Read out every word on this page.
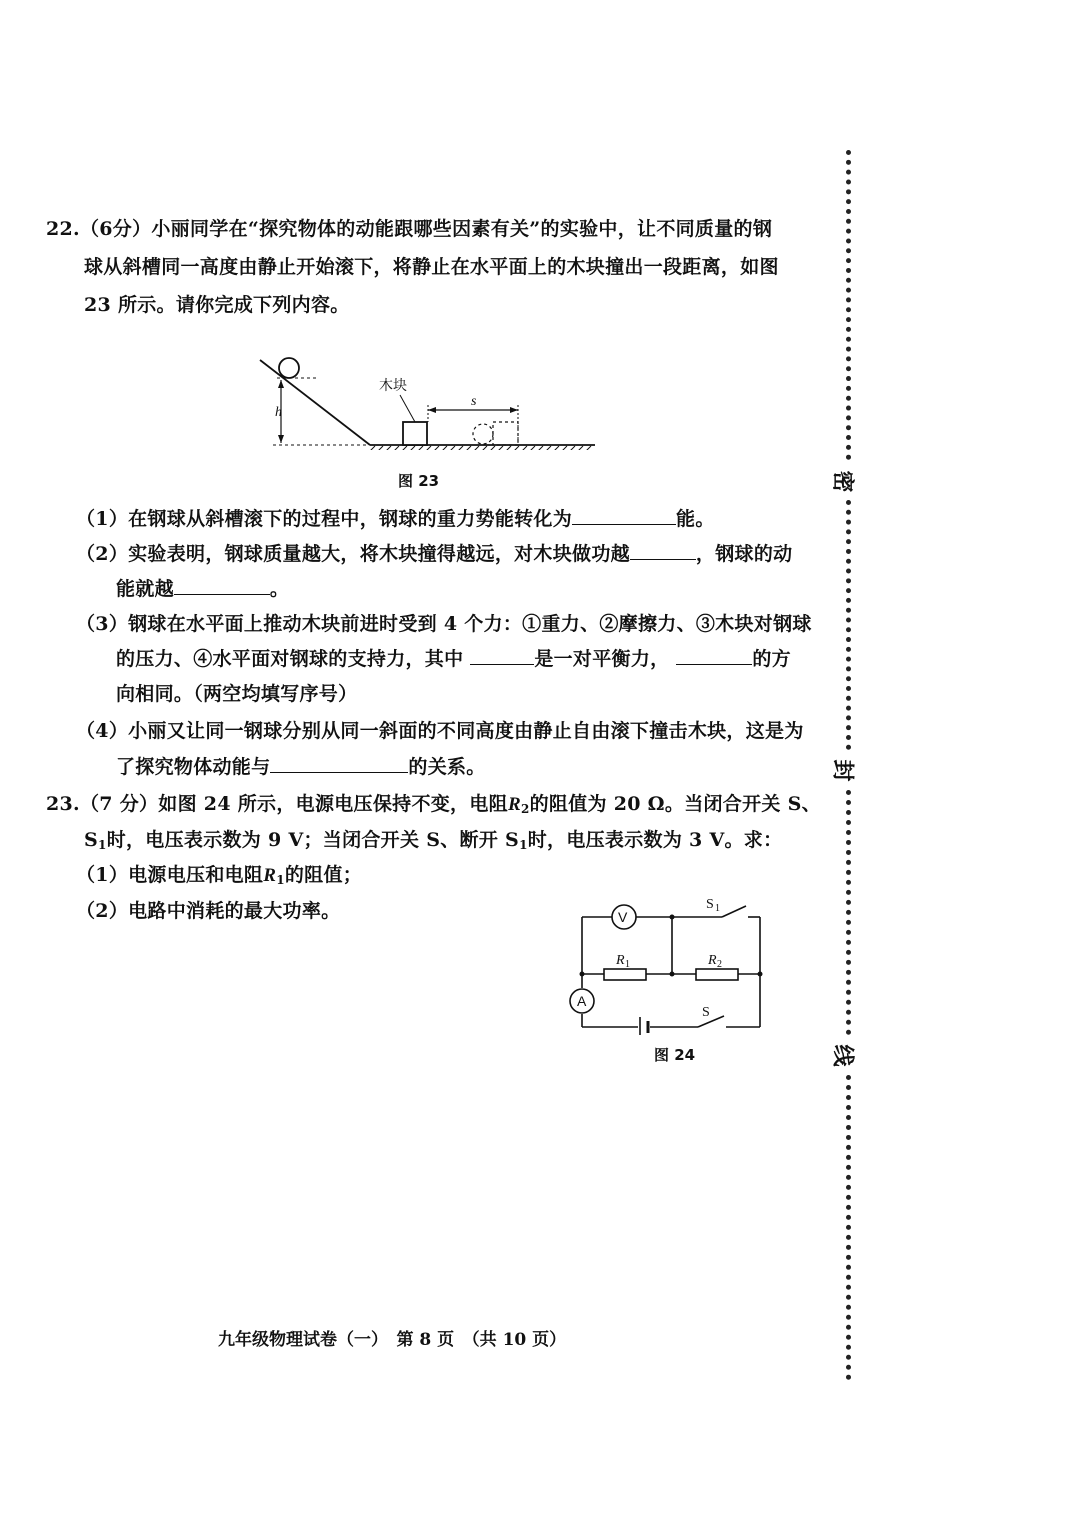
22.（6分）小丽同学在“探究物体的动能跟哪些因素有关”的实验中，让不同质量的钢
球从斜槽同一高度由静止开始滚下，将静止在水平面上的木块撞出一段距离，如图
23 所示。请你完成下列内容。
h
木块
s
图 23
（1）在钢球从斜槽滚下的过程中，钢球的重力势能转化为	能。
（2）实验表明，钢球质量越大，将木块撞得越远，对木块做功越	，钢球的动
能就越	。
（3）钢球在水平面上推动木块前进时受到 4 个力：①重力、②摩擦力、③木块对钢球
的压力、④水平面对钢球的支持力，其中	是一对平衡力，	的方
向相同。（两空均填写序号）
（4）小丽又让同一钢球分别从同一斜面的不同高度由静止自由滚下撞击木块，这是为
了探究物体动能与	的关系。
23.（7 分）如图 24 所示，电源电压保持不变，电阻$R_2$的阻值为 20 Ω。当闭合开关 S、
$S_1$时，电压表示数为 9 V；当闭合开关 S、断开 $S_1$时，电压表示数为 3 V。求：
（1）电源电压和电阻$R_1$的阻值；
（2）电路中消耗的最大功率。	V
A
R 1	R 2
S 1
S
图 24
九年级物理试卷（一）　第 8 页　（共 10 页）
密
封
线
